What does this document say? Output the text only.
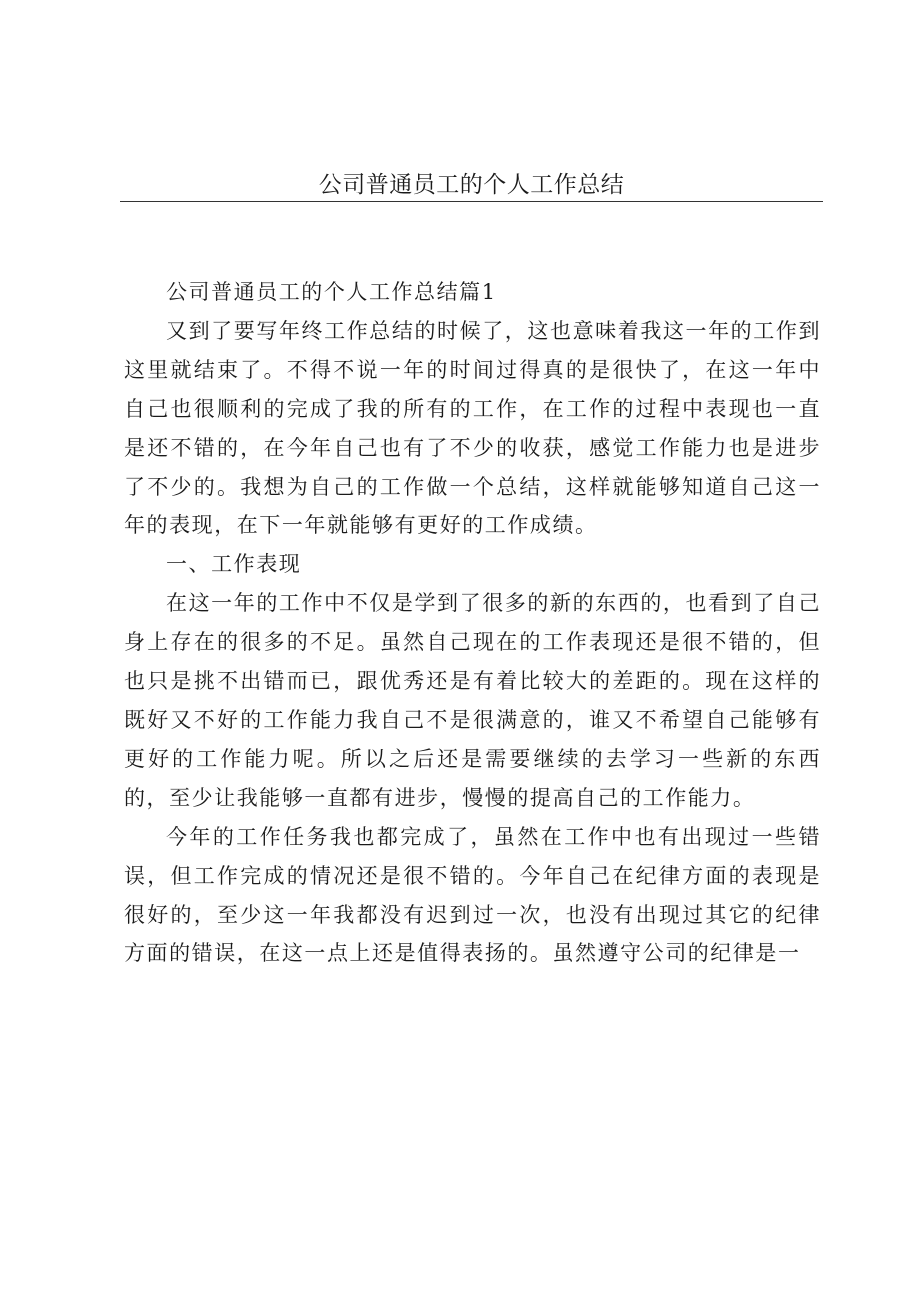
公司普通员工的个人工作总结

公司普通员工的个人工作总结篇1

又到了要写年终工作总结的时候了，这也意味着我这一年的工作到这里就结束了。不得不说一年的时间过得真的是很快了，在这一年中自己也很顺利的完成了我的所有的工作，在工作的过程中表现也一直是还不错的，在今年自己也有了不少的收获，感觉工作能力也是进步了不少的。我想为自己的工作做一个总结，这样就能够知道自己这一年的表现，在下一年就能够有更好的工作成绩。

一、工作表现

在这一年的工作中不仅是学到了很多的新的东西的，也看到了自己身上存在的很多的不足。虽然自己现在的工作表现还是很不错的，但也只是挑不出错而已，跟优秀还是有着比较大的差距的。现在这样的既好又不好的工作能力我自己不是很满意的，谁又不希望自己能够有更好的工作能力呢。所以之后还是需要继续的去学习一些新的东西的，至少让我能够一直都有进步，慢慢的提高自己的工作能力。

今年的工作任务我也都完成了，虽然在工作中也有出现过一些错误，但工作完成的情况还是很不错的。今年自己在纪律方面的表现是很好的，至少这一年我都没有迟到过一次，也没有出现过其它的纪律方面的错误，在这一点上还是值得表扬的。虽然遵守公司的纪律是一
